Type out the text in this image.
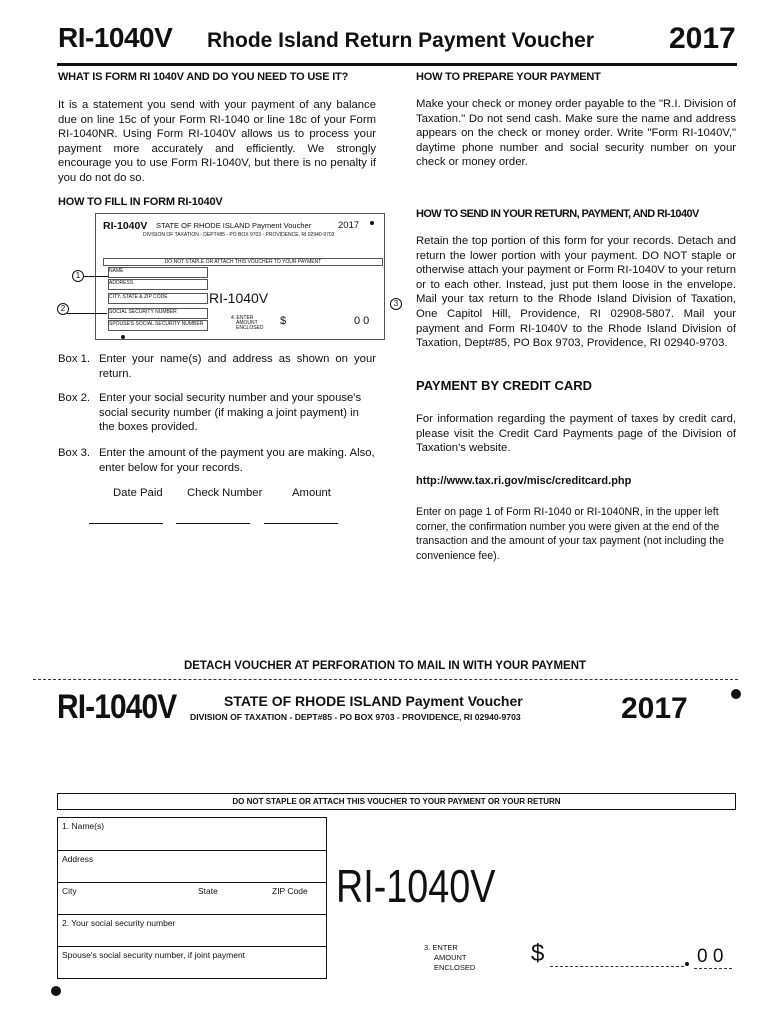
RI-1040V Rhode Island Return Payment Voucher 2017
WHAT IS FORM RI 1040V AND DO YOU NEED TO USE IT?
It is a statement you send with your payment of any balance due on line 15c of your Form RI-1040 or line 18c of your Form RI-1040NR. Using Form RI-1040V allows us to process your payment more accurately and efficiently. We strongly encourage you to use Form RI-1040V, but there is no penalty if you do not do so.
HOW TO FILL IN FORM RI-1040V
RI-1040V STATE OF RHODE ISLAND Payment Voucher	2017
DIVISION OF TAXATION - DEPT#85 - PO BOX 9703 - PROVIDENCE, RI 02940-9703
DO NOT STAPLE OR ATTACH THIS VOUCHER TO YOUR PAYMENT
NAME
ADDRESS
CITY, STATE & ZIP CODE
SOCIAL SECURITY NUMBER
SPOUSE'S SOCIAL SECURITY NUMBER
RI-1040V
4. ENTER
AMOUNT
ENCLOSED
$	0 0
1
2
3
Box 1. Enter your name(s) and address as shown on your return.
Box 2. Enter your social security number and your spouse's social security number (if making a joint payment) in the boxes provided.
Box 3. Enter the amount of the payment you are making. Also, enter below for your records.
Date Paid Check Number	Amount
HOW TO PREPARE YOUR PAYMENT
Make your check or money order payable to the "R.I. Division of Taxation." Do not send cash. Make sure the name and address appears on the check or money order. Write "Form RI-1040V," daytime phone number and social security number on your check or money order.
HOW TO SEND IN YOUR RETURN, PAYMENT, AND RI-1040V
Retain the top portion of this form for your records. Detach and return the lower portion with your payment. DO NOT staple or otherwise attach your payment or Form RI-1040V to your return or to each other. Instead, just put them loose in the envelope. Mail your tax return to the Rhode Island Division of Taxation, One Capitol Hill, Providence, RI 02908-5807. Mail your payment and Form RI-1040V to the Rhode Island Division of Taxation, Dept#85, PO Box 9703, Providence, RI 02940-9703.
PAYMENT BY CREDIT CARD
For information regarding the payment of taxes by credit card, please visit the Credit Card Payments page of the Division of Taxation's website.
http://www.tax.ri.gov/misc/creditcard.php
Enter on page 1 of Form RI-1040 or RI-1040NR, in the upper left corner, the confirmation number you were given at the end of the transaction and the amount of your tax payment (not including the convenience fee).
DETACH VOUCHER AT PERFORATION TO MAIL IN WITH YOUR PAYMENT
RI-1040V	STATE OF RHODE ISLAND Payment Voucher
DIVISION OF TAXATION - DEPT#85 - PO BOX 9703 - PROVIDENCE, RI 02940-9703	2017
DO NOT STAPLE OR ATTACH THIS VOUCHER TO YOUR PAYMENT OR YOUR RETURN
1. Name(s)
Address
City	State	ZIP Code
2. Your social security number
Spouse's social security number, if joint payment
RI-1040V
3. ENTER
AMOUNT
ENCLOSED
$	0 0
